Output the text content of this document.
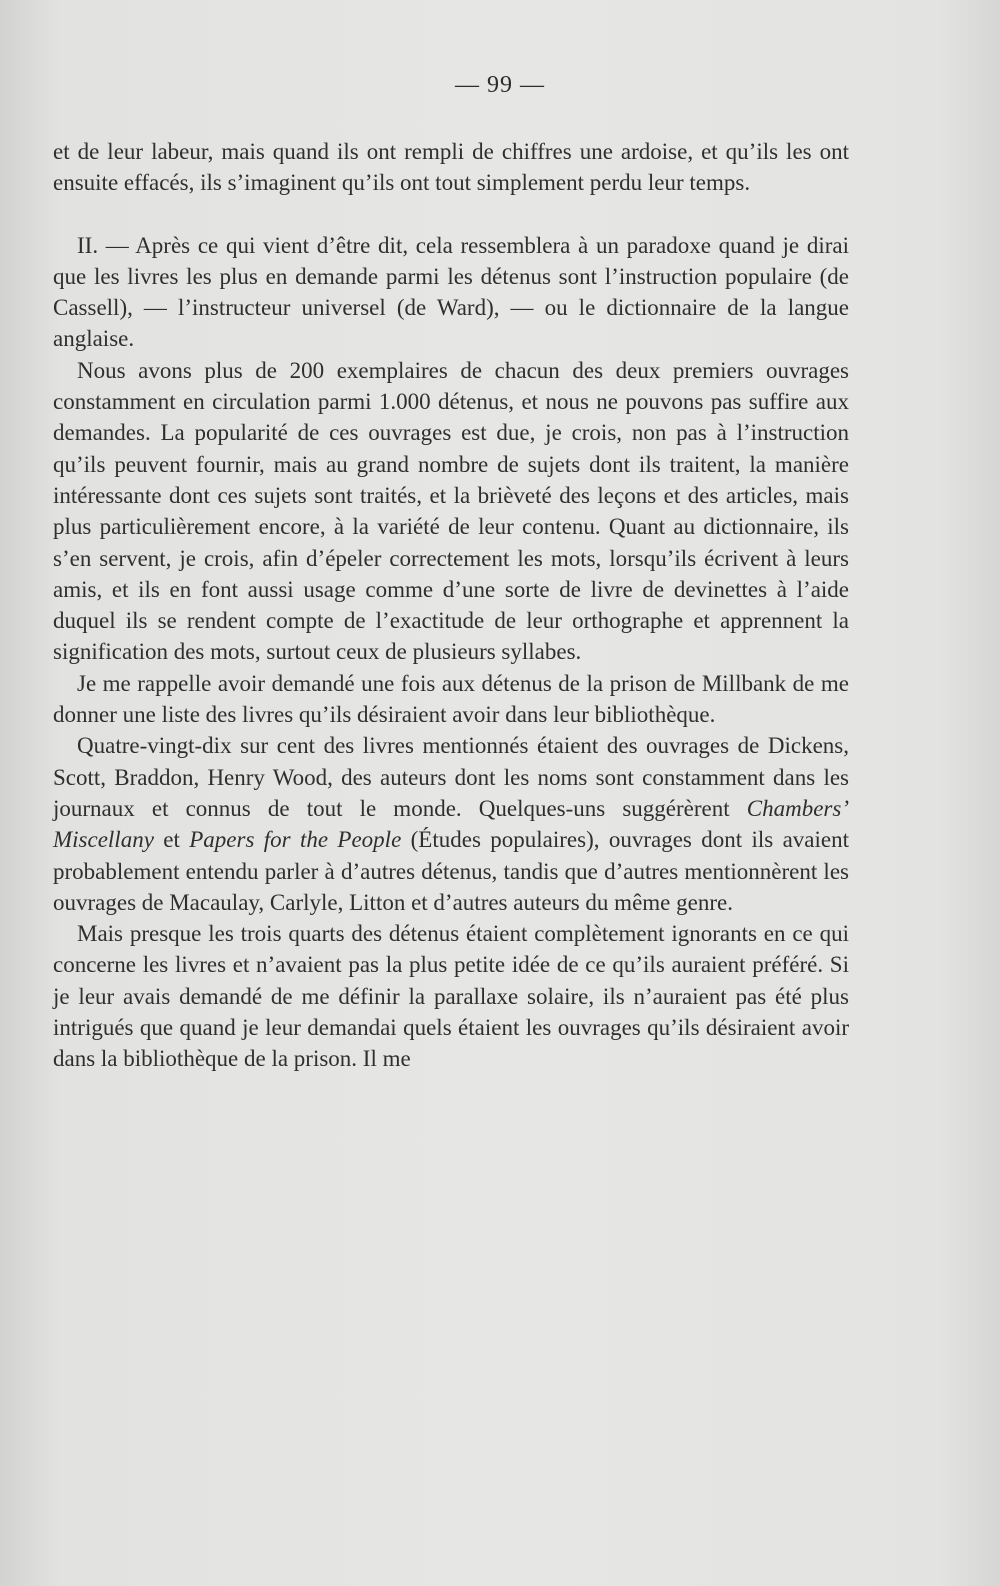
— 99 —

et de leur labeur, mais quand ils ont rempli de chiffres une ardoise, et qu’ils les ont ensuite effacés, ils s’imaginent qu’ils ont tout simplement perdu leur temps.

II. — Après ce qui vient d’être dit, cela ressemblera à un paradoxe quand je dirai que les livres les plus en demande parmi les détenus sont l’instruction populaire (de Cassell), — l’instructeur universel (de Ward), — ou le dictionnaire de la langue anglaise.

Nous avons plus de 200 exemplaires de chacun des deux premiers ouvrages constamment en circulation parmi 1.000 détenus, et nous ne pouvons pas suffire aux demandes. La popularité de ces ouvrages est due, je crois, non pas à l’instruction qu’ils peuvent fournir, mais au grand nombre de sujets dont ils traitent, la manière intéressante dont ces sujets sont traités, et la brièveté des leçons et des articles, mais plus particulièrement encore, à la variété de leur contenu. Quant au dictionnaire, ils s’en servent, je crois, afin d’épeler correctement les mots, lorsqu’ils écrivent à leurs amis, et ils en font aussi usage comme d’une sorte de livre de devinettes à l’aide duquel ils se rendent compte de l’exactitude de leur orthographe et apprennent la signification des mots, surtout ceux de plusieurs syllabes.

Je me rappelle avoir demandé une fois aux détenus de la prison de Millbank de me donner une liste des livres qu’ils désiraient avoir dans leur bibliothèque.

Quatre-vingt-dix sur cent des livres mentionnés étaient des ouvrages de Dickens, Scott, Braddon, Henry Wood, des auteurs dont les noms sont constamment dans les journaux et connus de tout le monde. Quelques-uns suggérèrent Chambers’ Miscellany et Papers for the People (Études populaires), ouvrages dont ils avaient probablement entendu parler à d’autres détenus, tandis que d’autres mentionnèrent les ouvrages de Macaulay, Carlyle, Litton et d’autres auteurs du même genre.

Mais presque les trois quarts des détenus étaient complètement ignorants en ce qui concerne les livres et n’avaient pas la plus petite idée de ce qu’ils auraient préféré. Si je leur avais demandé de me définir la parallaxe solaire, ils n’auraient pas été plus intrigués que quand je leur demandai quels étaient les ouvrages qu’ils désiraient avoir dans la bibliothèque de la prison. Il me
